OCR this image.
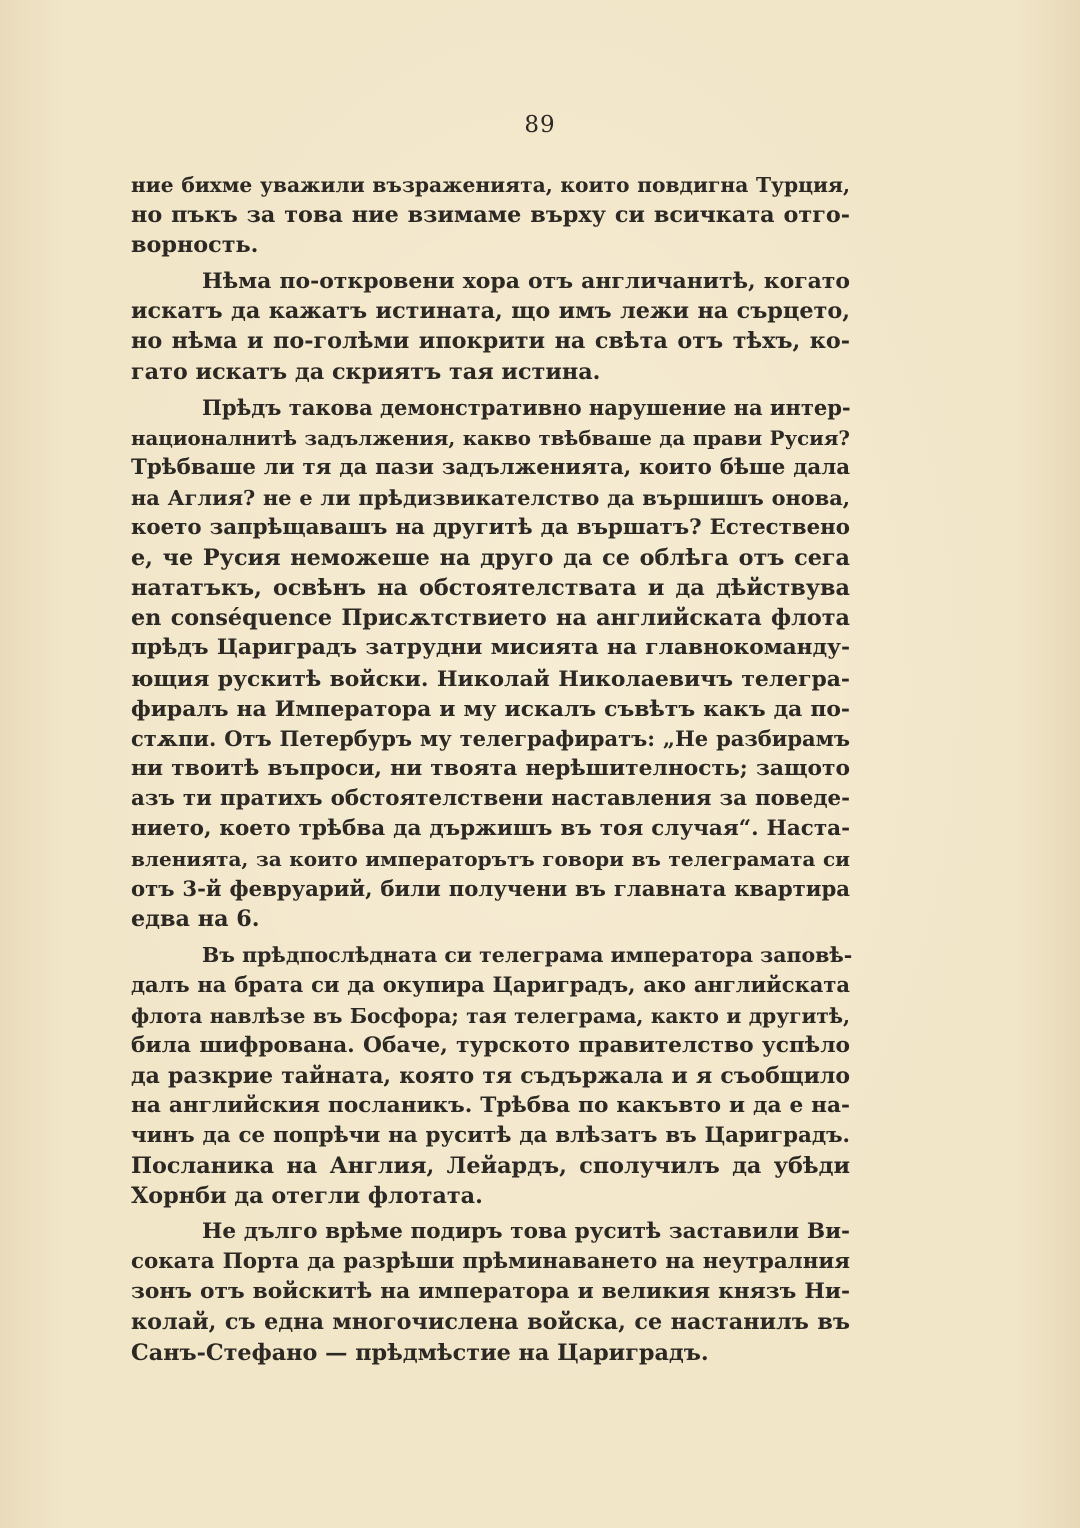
89
ние бихме уважили възраженията, които повдигна Турция,
но пъкъ за това ние взимаме върху си всичката отго-
ворность.
Нѣма по-откровени хора отъ англичанитѣ, когато
искатъ да кажатъ истината, що имъ лежи на сърцето,
но нѣма и по-голѣми ипокрити на свѣта отъ тѣхъ, ко-
гато искатъ да скриятъ тая истина.
Прѣдъ такова демонстративно нарушение на интер-
националнитѣ задължения, какво твѣбваше да прави Русия?
Трѣбваше ли тя да пази задълженията, които бѣше дала
на Аглия? не е ли прѣдизвикателство да вършишъ онова,
което запрѣщавашъ на другитѣ да вършатъ? Естествено
е, че Русия неможеше на друго да се облѣга отъ сега
нататъкъ, освѣнъ на обстоятелствата и да дѣйствува
en conséquence Присѫтствието на английската флота
прѣдъ Цариградъ затрудни мисията на главнокоманду-
ющия рускитѣ войски. Николай Николаевичъ телегра-
фиралъ на Императора и му искалъ съвѣтъ какъ да по-
стѫпи. Отъ Петербуръ му телеграфиратъ: „Не разбирамъ
ни твоитѣ въпроси, ни твоята нерѣшителность; защото
азъ ти пратихъ обстоятелствени наставления за поведе-
нието, което трѣбва да държишъ въ тоя случая“. Наста-
вленията, за които императорътъ говори въ телеграмата си
отъ 3-й февруарий, били получени въ главната квартира
едва на 6.
Въ прѣдпослѣдната си телеграма императора заповѣ-
далъ на брата си да окупира Цариградъ, ако английската
флота навлѣзе въ Босфора; тая телеграма, както и другитѣ,
била шифрована. Обаче, турското правителство успѣло
да разкрие тайната, която тя съдържала и я съобщило
на английския посланикъ. Трѣбва по какъвто и да е на-
чинъ да се попрѣчи на руситѣ да влѣзатъ въ Цариградъ.
Посланика на Англия, Лейардъ, сполучилъ да убѣди
Хорнби да отегли флотата.
Не дълго врѣме подиръ това руситѣ заставили Ви-
сокатa Порта да разрѣши прѣминаването на неутралния
зонъ отъ войскитѣ на императора и великия князъ Ни-
колай, съ една многочислена войска, се настанилъ въ
Санъ-Стефано — прѣдмѣстие на Цариградъ.
